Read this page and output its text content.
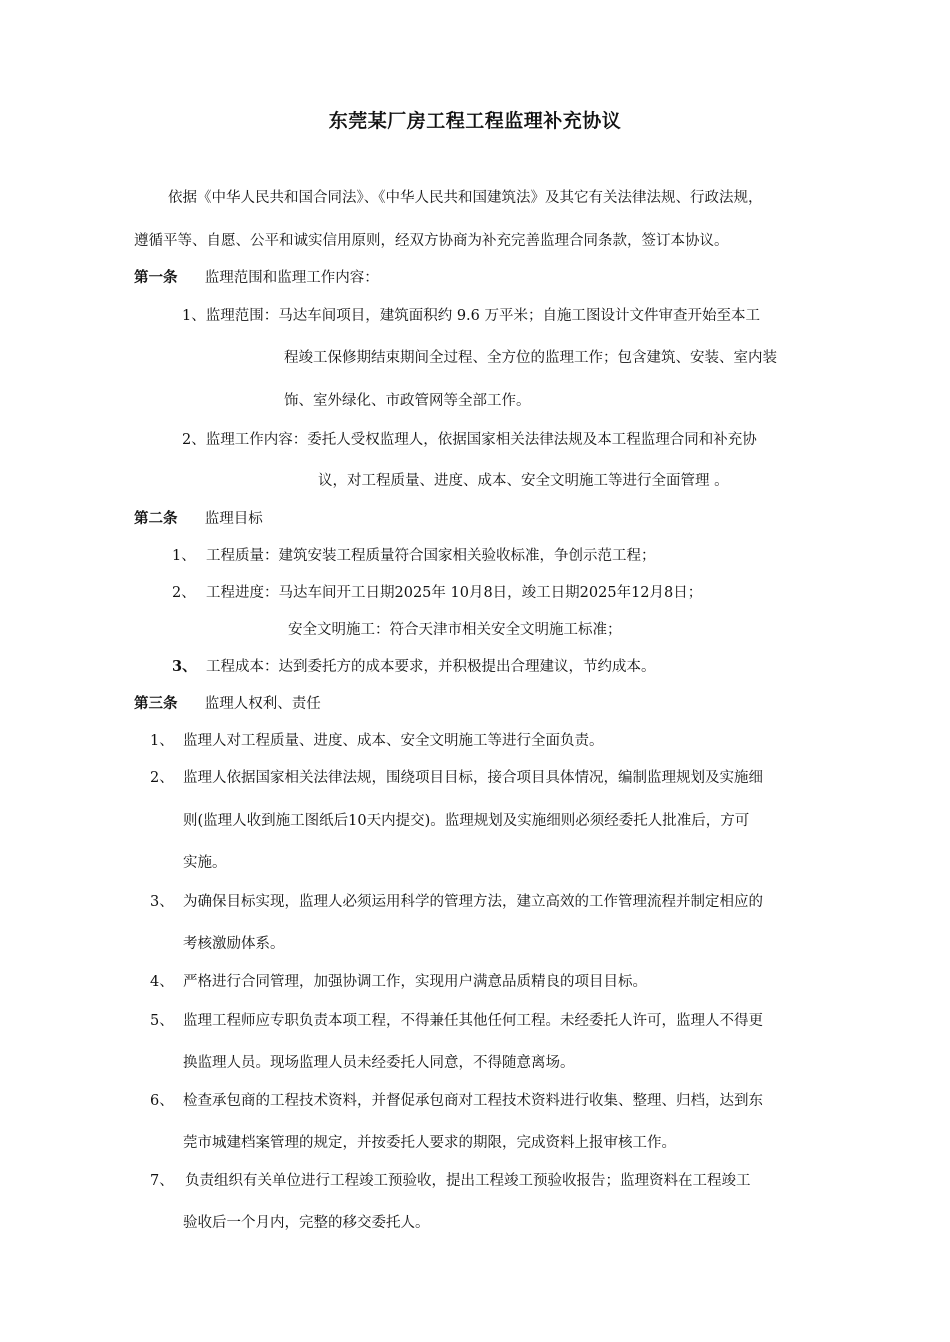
东莞某厂房工程工程监理补充协议
依据《中华人民共和国合同法》、《中华人民共和国建筑法》及其它有关法律法规、行政法规，
遵循平等、自愿、公平和诚实信用原则，经双方协商为补充完善监理合同条款，签订本协议。
第一条 监理范围和监理工作内容：
1、监理范围：马达车间项目，建筑面积约 9.6 万平米；自施工图设计文件审查开始至本工
程竣工保修期结束期间全过程、全方位的监理工作；包含建筑、安装、室内装
饰、室外绿化、市政管网等全部工作。
2、监理工作内容：委托人受权监理人，依据国家相关法律法规及本工程监理合同和补充协
议，对工程质量、进度、成本、安全文明施工等进行全面管理 。
第二条 监理目标
1、 工程质量：建筑安装工程质量符合国家相关验收标准，争创示范工程；
2、 工程进度：马达车间开工日期2025年 10月8日，竣工日期2025年12月8日；
安全文明施工：符合天津市相关安全文明施工标准；
3、 工程成本：达到委托方的成本要求，并积极提出合理建议，节约成本。
第三条 监理人权利、责任
1、 监理人对工程质量、进度、成本、安全文明施工等进行全面负责。
2、 监理人依据国家相关法律法规，围绕项目目标，接合项目具体情况，编制监理规划及实施细
则(监理人收到施工图纸后10天内提交)。监理规划及实施细则必须经委托人批准后，方可
实施。
3、 为确保目标实现，监理人必须运用科学的管理方法，建立高效的工作管理流程并制定相应的
考核激励体系。
4、 严格进行合同管理，加强协调工作，实现用户满意品质精良的项目目标。
5、 监理工程师应专职负责本项工程，不得兼任其他任何工程。未经委托人许可，监理人不得更
换监理人员。现场监理人员未经委托人同意，不得随意离场。
6、 检查承包商的工程技术资料，并督促承包商对工程技术资料进行收集、整理、归档，达到东
莞市城建档案管理的规定，并按委托人要求的期限，完成资料上报审核工作。
7、 负责组织有关单位进行工程竣工预验收，提出工程竣工预验收报告；监理资料在工程竣工
验收后一个月内，完整的移交委托人。
